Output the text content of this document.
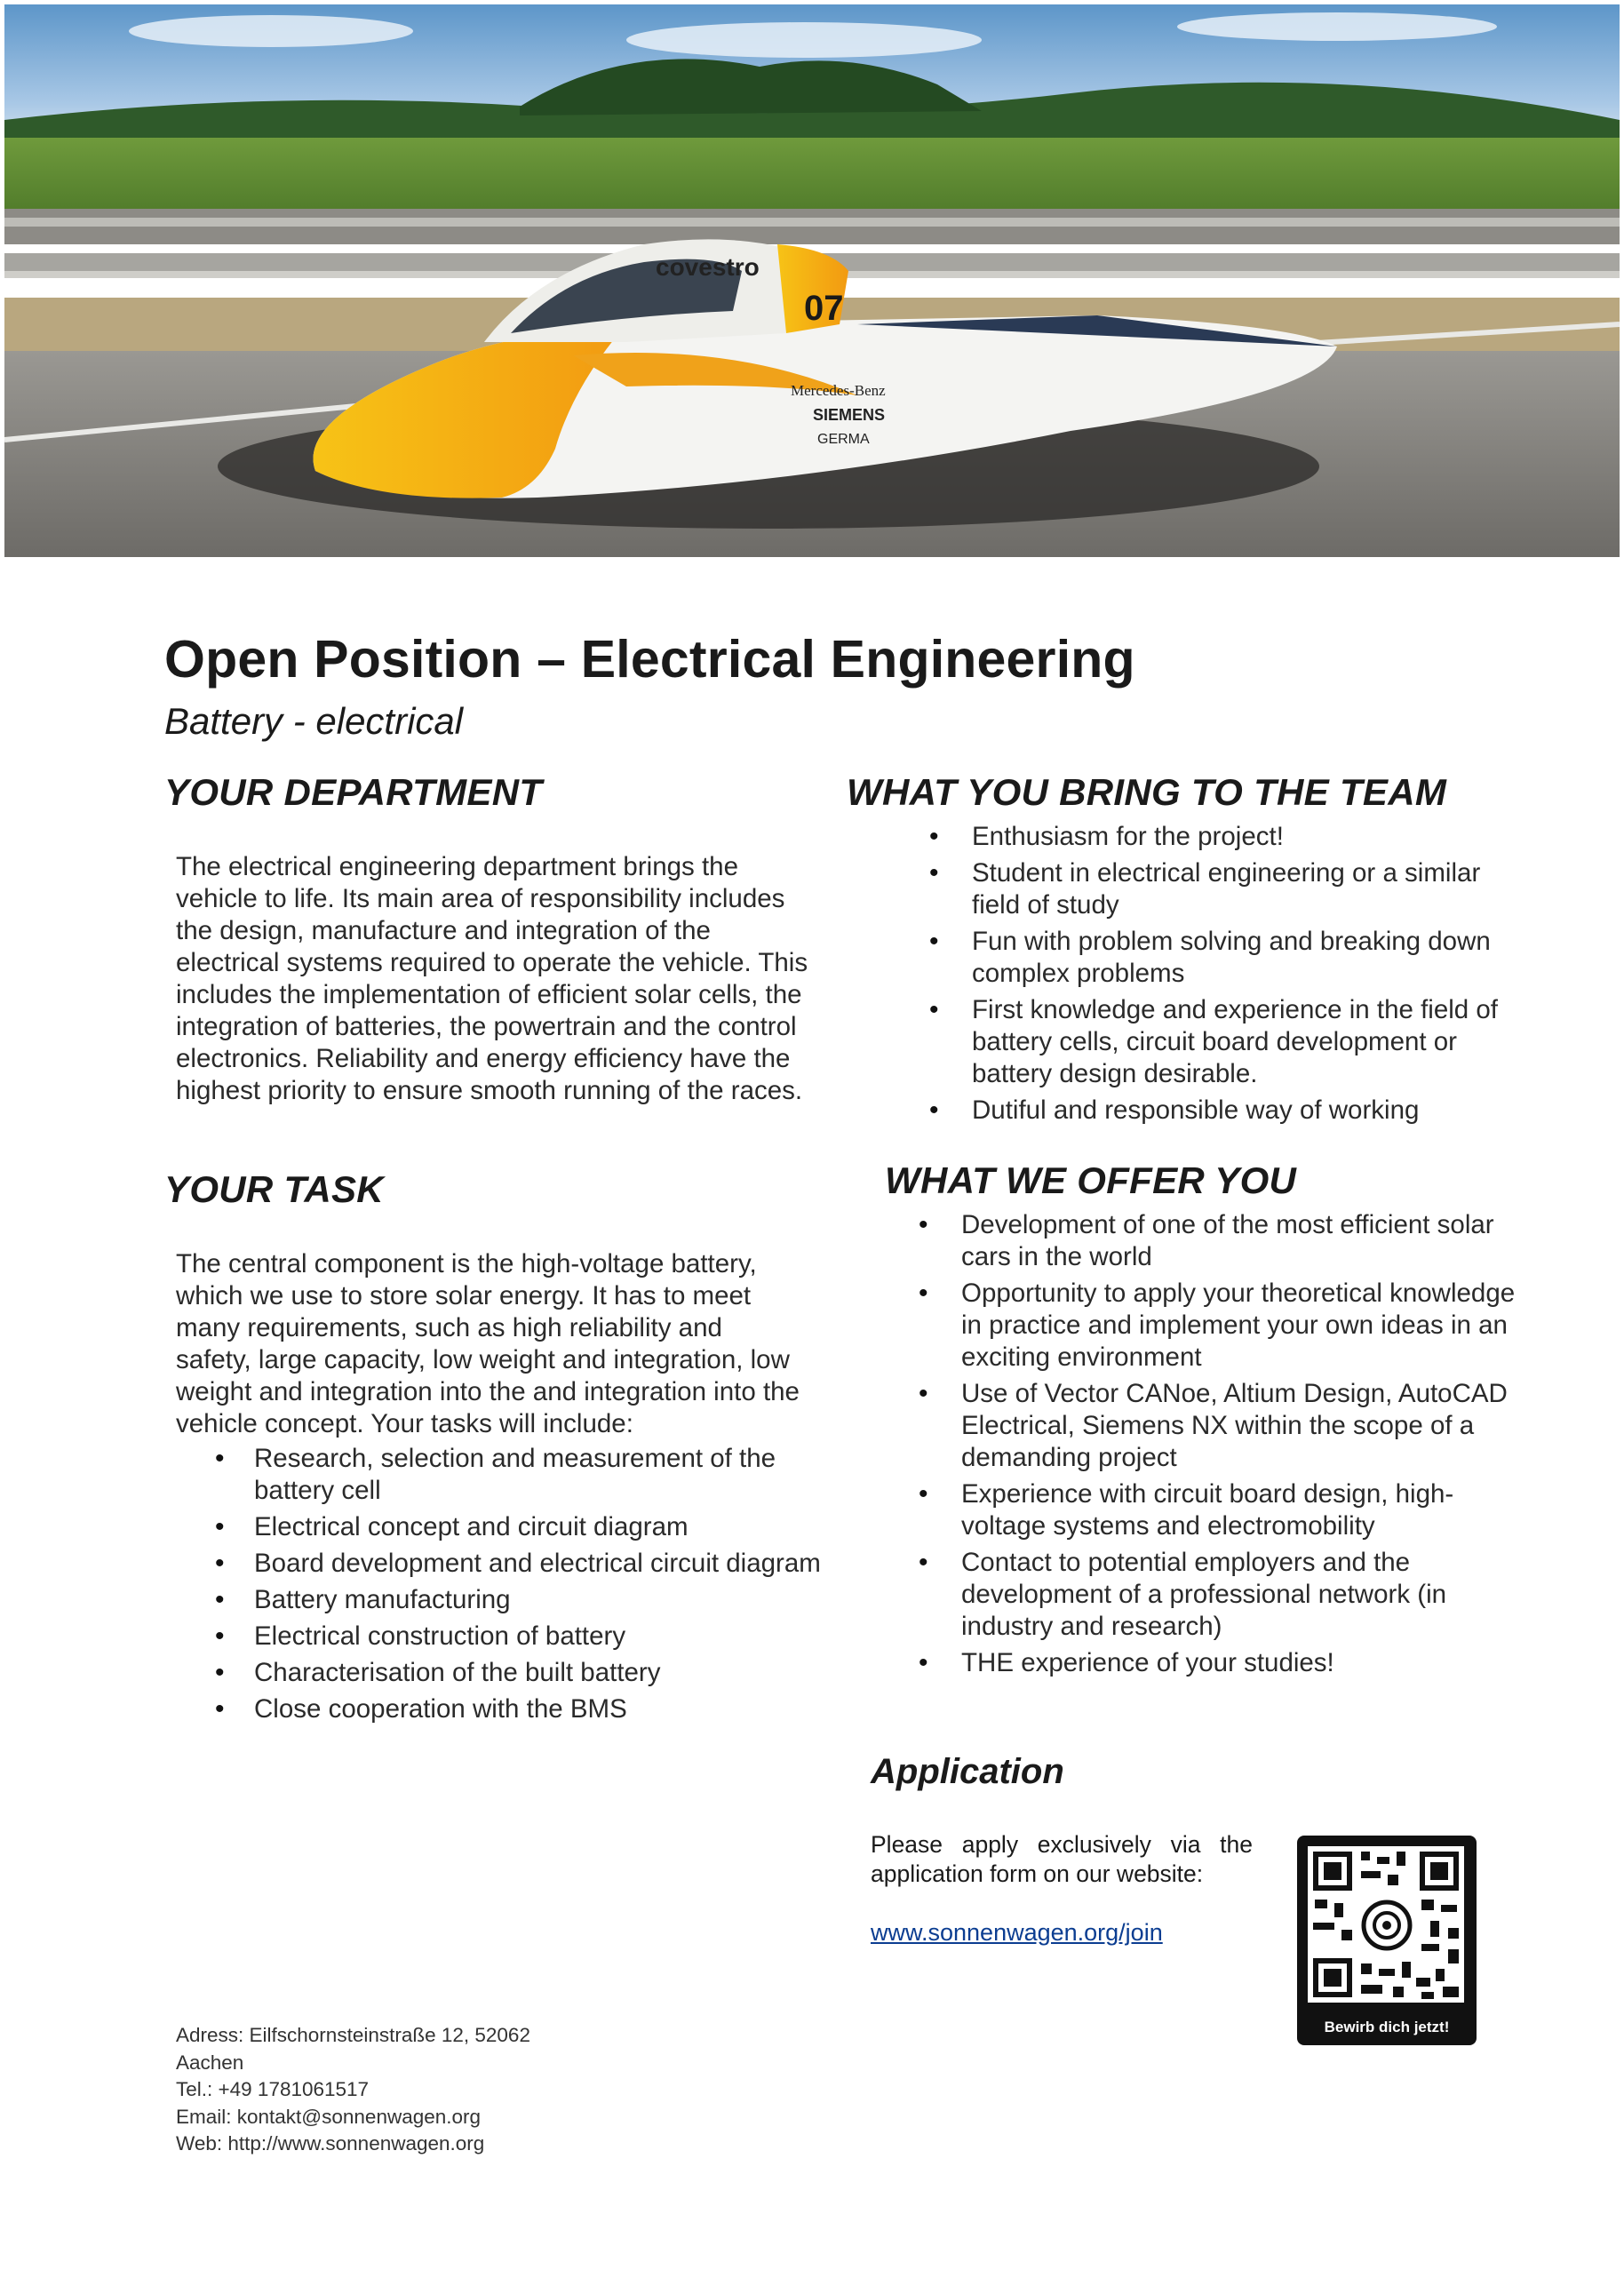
covestro
07
Mercedes-Benz
SIEMENS
GERMA
Open Position – Electrical Engineering
Battery - electrical
YOUR DEPARTMENT

The electrical engineering department brings the vehicle to life. Its main area of responsibility includes the design, manufacture and integration of the electrical systems required to operate the vehicle. This includes the implementation of efficient solar cells, the integration of batteries, the powertrain and the control electronics. Reliability and energy efficiency have the highest priority to ensure smooth running of the races.

YOUR TASK

The central component is the high-voltage battery, which we use to store solar energy. It has to meet many requirements, such as high reliability and safety, large capacity, low weight and integration, low weight and integration into the and integration into the vehicle concept. Your tasks will include:

• Research, selection and measurement of the battery cell
• Electrical concept and circuit diagram
• Board development and electrical circuit diagram
• Battery manufacturing
• Electrical construction of battery
• Characterisation of the built battery
• Close cooperation with the BMS
WHAT YOU BRING TO THE TEAM
• Enthusiasm for the project!
• Student in electrical engineering or a similar field of study
• Fun with problem solving and breaking down complex problems
• First knowledge and experience in the field of battery cells, circuit board development or battery design desirable.
• Dutiful and responsible way of working
WHAT WE OFFER YOU
• Development of one of the most efficient solar cars in the world
• Opportunity to apply your theoretical knowledge in practice and implement your own ideas in an exciting environment
• Use of Vector CANoe, Altium Design, AutoCAD Electrical, Siemens NX within the scope of a demanding project
• Experience with circuit board design, high-voltage systems and electromobility
• Contact to potential employers and the development of a professional network (in industry and research)
• THE experience of your studies!
Application
Please apply exclusively via the application form on our website:
www.sonnenwagen.org/join
Bewirb dich jetzt!
Adress: Eilfschornsteinstraße 12, 52062
Aachen
Tel.: +49 1781061517
Email: kontakt@sonnenwagen.org
Web: http://www.sonnenwagen.org
